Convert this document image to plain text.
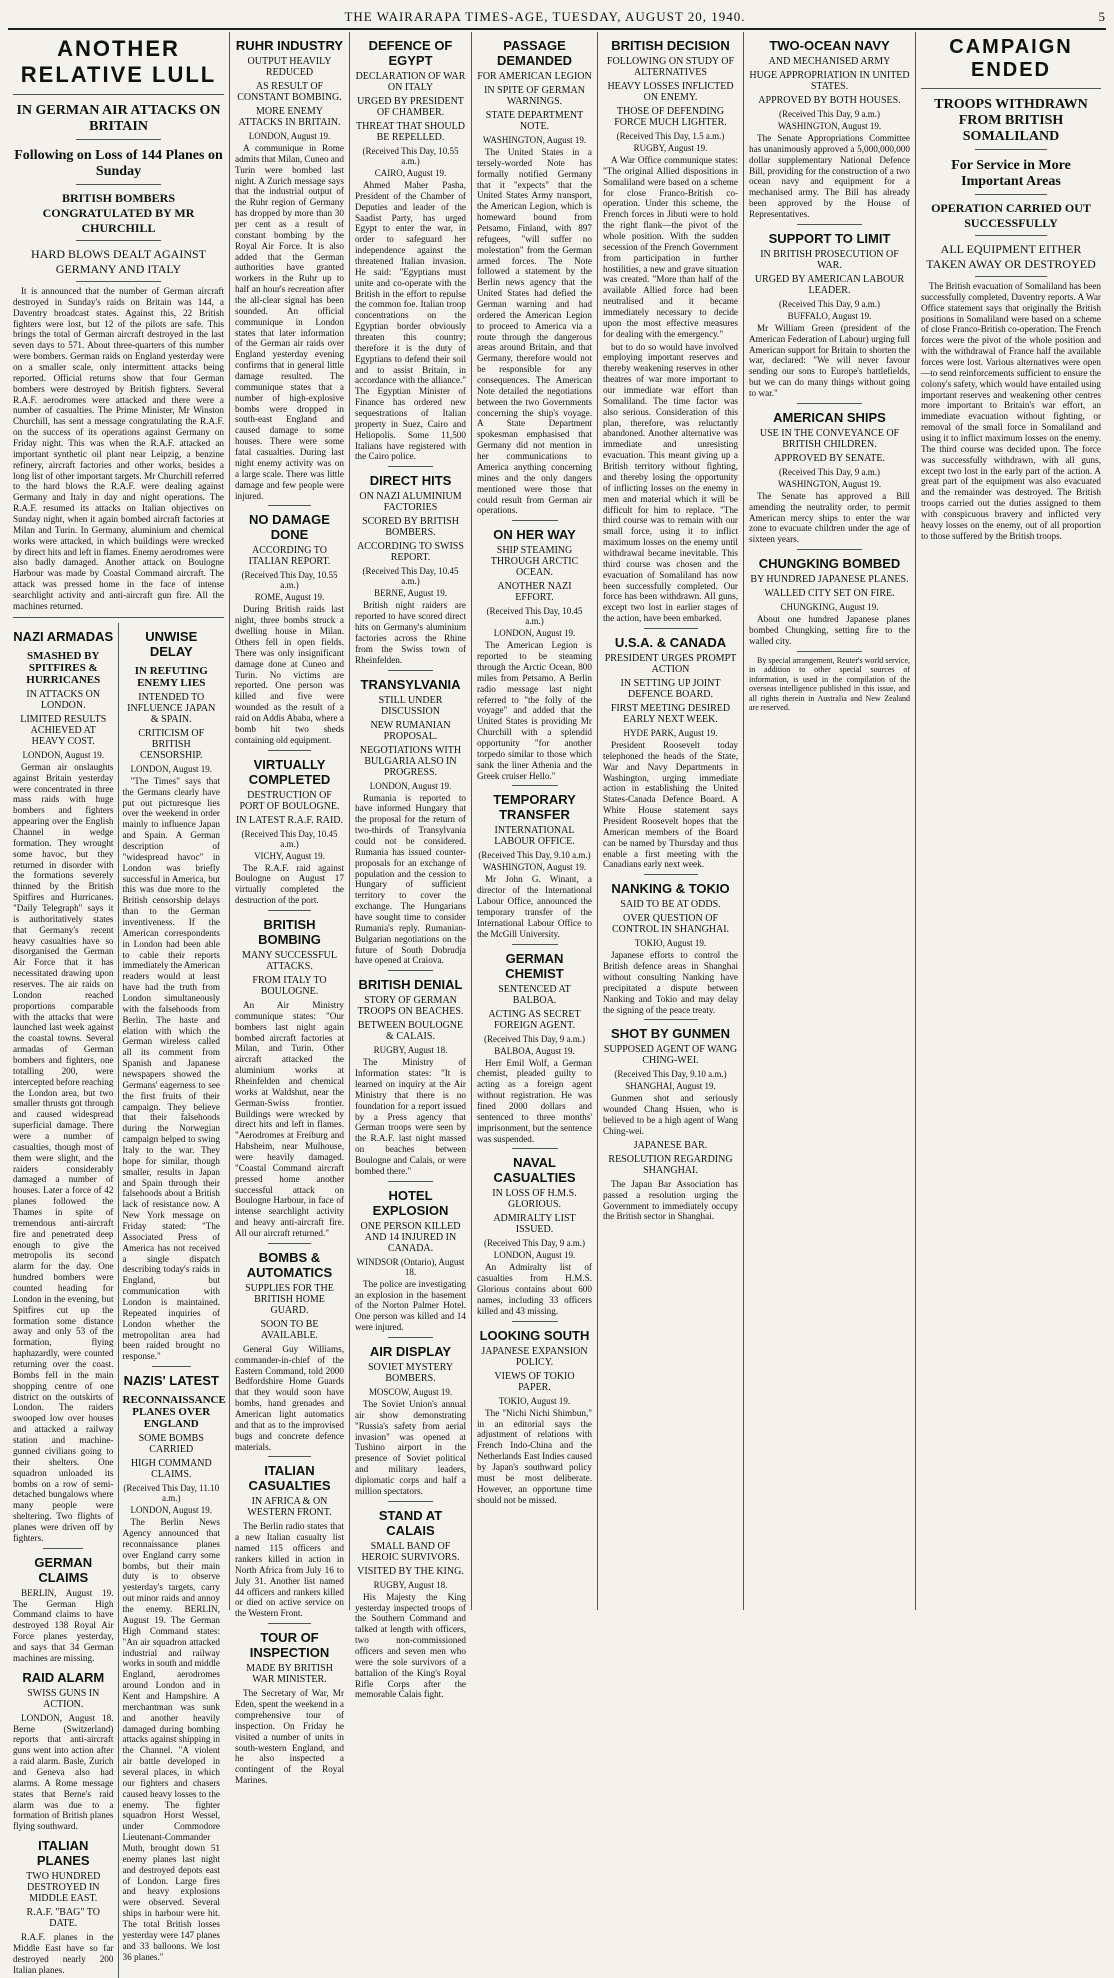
THE WAIRARAPA TIMES-AGE, TUESDAY, AUGUST 20, 1940.	5
ANOTHER RELATIVE LULL
IN GERMAN AIR ATTACKS ON BRITAIN
Following on Loss of 144 Planes on Sunday
BRITISH BOMBERS CONGRATULATED BY MR CHURCHILL
HARD BLOWS DEALT AGAINST GERMANY AND ITALY

It is announced that the number of German aircraft destroyed in Sunday's raids on Britain was 144, a Daventry broadcast states. Against this, 22 British fighters were lost, but 12 of the pilots are safe. This brings the total of German aircraft destroyed in the last seven days to 571. About three-quarters of this number were bombers. German raids on England yesterday were on a smaller scale, only intermittent attacks being reported. Official returns show that four German bombers were destroyed by British fighters. Several R.A.F. aerodromes were attacked and there were a number of casualties. The Prime Minister, Mr Winston Churchill, has sent a message congratulating the R.A.F. on the success of its operations against Germany on Friday night. This was when the R.A.F. attacked an important synthetic oil plant near Leipzig, a benzine refinery, aircraft factories and other works, besides a long list of other important targets. Mr Churchill referred to the hard blows the R.A.F. were dealing against Germany and Italy in day and night operations. The R.A.F. resumed its attacks on Italian objectives on Sunday night, when it again bombed aircraft factories at Milan and Turin. In Germany, aluminium and chemical works were attacked, in which buildings were wrecked by direct hits and left in flames. Enemy aerodromes were also badly damaged. Another attack on Boulogne Harbour was made by Coastal Command aircraft. The attack was pressed home in the face of intense searchlight activity and anti-aircraft gun fire. All the machines returned.

NAZI ARMADAS
SMASHED BY SPITFIRES & HURRICANES
IN ATTACKS ON LONDON.
LIMITED RESULTS ACHIEVED AT HEAVY COST.
LONDON, August 19.

German air onslaughts against Britain yesterday were concentrated in three mass raids with huge bombers and fighters appearing over the English Channel in wedge formation. They wrought some havoc, but they returned in disorder with the formations severely thinned by the British Spitfires and Hurricanes. "Daily Telegraph" says it is authoritatively states that Germany's recent heavy casualties have so disorganised the German Air Force that it has necessitated drawing upon reserves. The air raids on London reached proportions comparable with the attacks that were launched last week against the coastal towns. Several armadas of German bombers and fighters, one totalling 200, were intercepted before reaching the London area, but two smaller thrusts got through and caused widespread superficial damage. There were a number of casualties, though most of them were slight, and the raiders considerably damaged a number of houses. Later a force of 42 planes followed the Thames in spite of tremendous anti-aircraft fire and penetrated deep enough to give the metropolis its second alarm for the day. One hundred bombers were counted heading for London in the evening, but Spitfires cut up the formation some distance away and only 53 of the formation, flying haphazardly, were counted returning over the coast. Bombs fell in the main shopping centre of one district on the outskirts of London. The raiders swooped low over houses and attacked a railway station and machine-gunned civilians going to their shelters. One squadron unloaded its bombs on a row of semi-detached bungalows where many people were sheltering. Two flights of planes were driven off by fighters.

GERMAN CLAIMS

BERLIN, August 19. The German High Command claims to have destroyed 138 Royal Air Force planes yesterday, and says that 34 German machines are missing.

RAID ALARM
SWISS GUNS IN ACTION.

LONDON, August 18. Berne (Switzerland) reports that anti-aircraft guns went into action after a raid alarm. Basle, Zurich and Geneva also had alarms. A Rome message states that Berne's raid alarm was due to a formation of British planes flying southward.

ITALIAN PLANES
TWO HUNDRED DESTROYED IN MIDDLE EAST.
R.A.F. "BAG" TO DATE.

R.A.F. planes in the Middle East have so far destroyed nearly 200 Italian planes.

UNWISE DELAY
IN REFUTING ENEMY LIES
INTENDED TO INFLUENCE JAPAN & SPAIN.
CRITICISM OF BRITISH CENSORSHIP.
LONDON, August 19.

"The Times" says that the Germans clearly have put out picturesque lies over the weekend in order mainly to influence Japan and Spain. A German description of "widespread havoc" in London was briefly successful in America, but this was due more to the British censorship delays than to the German inventiveness. If the American correspondents in London had been able to cable their reports immediately the American readers would at least have had the truth from London simultaneously with the falsehoods from Berlin. The haste and elation with which the German wireless called all its comment from Spanish and Japanese newspapers showed the Germans' eagerness to see the first fruits of their campaign. They believe that their falsehoods during the Norwegian campaign helped to swing Italy to the war. They hope for similar, though smaller, results in Japan and Spain through their falsehoods about a British lack of resistance now. A New York message on Friday stated: "The Associated Press of America has not received a single dispatch describing today's raids in England, but communication with London is maintained. Repeated inquiries of London whether the metropolitan area had been raided brought no response."

NAZIS' LATEST
RECONNAISSANCE PLANES OVER ENGLAND
SOME BOMBS CARRIED
HIGH COMMAND CLAIMS.
(Received This Day, 11.10 a.m.)
LONDON, August 19.

The Berlin News Agency announced that reconnaissance planes over England carry some bombs, but their main duty is to observe yesterday's targets, carry out minor raids and annoy the enemy. BERLIN, August 19. The German High Command states: "An air squadron attacked industrial and railway works in south and middle England, aerodromes around London and in Kent and Hampshire. A merchantman was sunk and another heavily damaged during bombing attacks against shipping in the Channel. "A violent air battle developed in several places, in which our fighters and chasers caused heavy losses to the enemy. The fighter squadron Horst Wessel, under Commodore Lieutenant-Commander Muth, brought down 51 enemy planes last night and destroyed depots east of London. Large fires and heavy explosions were observed. Several ships in harbour were hit. The total British losses yesterday were 147 planes and 33 balloons. We lost 36 planes."

RUHR INDUSTRY
OUTPUT HEAVILY REDUCED
AS RESULT OF CONSTANT BOMBING.
MORE ENEMY ATTACKS IN BRITAIN.
LONDON, August 19.

A communique in Rome admits that Milan, Cuneo and Turin were bombed last night. A Zurich message says that the industrial output of the Ruhr region of Germany has dropped by more than 30 per cent as a result of constant bombing by the Royal Air Force. It is also added that the German authorities have granted workers in the Ruhr up to half an hour's recreation after the all-clear signal has been sounded. An official communique in London states that later information of the German air raids over England yesterday evening confirms that in general little damage resulted. The communique states that a number of high-explosive bombs were dropped in south-east England and caused damage to some houses. There were some fatal casualties. During last night enemy activity was on a large scale. There was little damage and few people were injured.

NO DAMAGE DONE
ACCORDING TO ITALIAN REPORT.
(Received This Day, 10.55 a.m.)
ROME, August 19.

During British raids last night, three bombs struck a dwelling house in Milan. Others fell in open fields. There was only insignificant damage done at Cuneo and Turin. No victims are reported. One person was killed and five were wounded as the result of a raid on Addis Ababa, where a bomb hit two sheds containing old equipment.

VIRTUALLY COMPLETED
DESTRUCTION OF PORT OF BOULOGNE.
IN LATEST R.A.F. RAID.
(Received This Day, 10.45 a.m.)
VICHY, August 19.

The R.A.F. raid against Boulogne on August 17 virtually completed the destruction of the port.

BRITISH BOMBING
MANY SUCCESSFUL ATTACKS.
FROM ITALY TO BOULOGNE.

An Air Ministry communique states: "Our bombers last night again bombed aircraft factories at Milan, and Turin. Other aircraft attacked the aluminium works at Rheinfelden and chemical works at Waldshut, near the German-Swiss frontier. Buildings were wrecked by direct hits and left in flames. "Aerodromes at Freiburg and Habsheim, near Mulhouse, were heavily damaged. "Coastal Command aircraft pressed home another successful attack on Boulogne Harbour, in face of intense searchlight activity and heavy anti-aircraft fire. All our aircraft returned."

BOMBS & AUTOMATICS
SUPPLIES FOR THE BRITISH HOME GUARD.
SOON TO BE AVAILABLE.

General Guy Williams, commander-in-chief of the Eastern Command, told 2000 Bedfordshire Home Guards that they would soon have bombs, hand grenades and American light automatics and that as to the improvised bugs and concrete defence materials.

ITALIAN CASUALTIES
IN AFRICA & ON WESTERN FRONT.

The Berlin radio states that a new Italian casualty list named 115 officers and rankers killed in action in North Africa from July 16 to July 31. Another list named 44 officers and rankers killed or died on active service on the Western Front.

TOUR OF INSPECTION
MADE BY BRITISH WAR MINISTER.

The Secretary of War, Mr Eden, spent the weekend in a comprehensive tour of inspection. On Friday he visited a number of units in south-western England, and he also inspected a contingent of the Royal Marines.

DEFENCE OF EGYPT
DECLARATION OF WAR ON ITALY
URGED BY PRESIDENT OF CHAMBER.
THREAT THAT SHOULD BE REPELLED.
(Received This Day, 10.55 a.m.)
CAIRO, August 19.

Ahmed Maher Pasha, President of the Chamber of Deputies and leader of the Saadist Party, has urged Egypt to enter the war, in order to safeguard her independence against the threatened Italian invasion. He said: "Egyptians must unite and co-operate with the British in the effort to repulse the common foe. Italian troop concentrations on the Egyptian border obviously threaten this country; therefore it is the duty of Egyptians to defend their soil and to assist Britain, in accordance with the alliance." The Egyptian Minister of Finance has ordered new sequestrations of Italian property in Suez, Cairo and Heliopolis. Some 11,500 Italians have registered with the Cairo police.

DIRECT HITS
ON NAZI ALUMINIUM FACTORIES
SCORED BY BRITISH BOMBERS.
ACCORDING TO SWISS REPORT.
(Received This Day, 10.45 a.m.)
BERNE, August 19.

British night raiders are reported to have scored direct hits on Germany's aluminium factories across the Rhine from the Swiss town of Rheinfelden.

TRANSYLVANIA
STILL UNDER DISCUSSION
NEW RUMANIAN PROPOSAL.
NEGOTIATIONS WITH BULGARIA ALSO IN PROGRESS.
LONDON, August 19.

Rumania is reported to have informed Hungary that the proposal for the return of two-thirds of Transylvania could not be considered. Rumania has issued counter-proposals for an exchange of population and the cession to Hungary of sufficient territory to cover the exchange. The Hungarians have sought time to consider Rumania's reply. Rumanian-Bulgarian negotiations on the future of South Dobrudja have opened at Craiova.

BRITISH DENIAL
STORY OF GERMAN TROOPS ON BEACHES.
BETWEEN BOULOGNE & CALAIS.
RUGBY, August 18.

The Ministry of Information states: "It is learned on inquiry at the Air Ministry that there is no foundation for a report issued by a Press agency that German troops were seen by the R.A.F. last night massed on beaches between Boulogne and Calais, or were bombed there."

HOTEL EXPLOSION
ONE PERSON KILLED AND 14 INJURED IN CANADA.
WINDSOR (Ontario), August 18.

The police are investigating an explosion in the basement of the Norton Palmer Hotel. One person was killed and 14 were injured.

AIR DISPLAY
SOVIET MYSTERY BOMBERS.
MOSCOW, August 19.

The Soviet Union's annual air show demonstrating "Russia's safety from aerial invasion" was opened at Tushino airport in the presence of Soviet political and military leaders, diplomatic corps and half a million spectators.

STAND AT CALAIS
SMALL BAND OF HEROIC SURVIVORS.
VISITED BY THE KING.
RUGBY, August 18.

His Majesty the King yesterday inspected troops of the Southern Command and talked at length with officers, two non-commissioned officers and seven men who were the sole survivors of a battalion of the King's Royal Rifle Corps after the memorable Calais fight.

PASSAGE DEMANDED
FOR AMERICAN LEGION
IN SPITE OF GERMAN WARNINGS.
STATE DEPARTMENT NOTE.
WASHINGTON, August 19.

The United States in a tersely-worded Note has formally notified Germany that it "expects" that the United States Army transport, the American Legion, which is homeward bound from Petsamo, Finland, with 897 refugees, "will suffer no molestation" from the German armed forces. The Note followed a statement by the Berlin news agency that the United States had defied the German warning and had ordered the American Legion to proceed to America via a route through the dangerous areas around Britain, and that Germany, therefore would not be responsible for any consequences. The American Note detailed the negotiations between the two Governments concerning the ship's voyage. A State Department spokesman emphasised that Germany did not mention in her communications to America anything concerning mines and the only dangers mentioned were those that could result from German air operations.

ON HER WAY
SHIP STEAMING THROUGH ARCTIC OCEAN.
ANOTHER NAZI EFFORT.
(Received This Day, 10.45 a.m.)
LONDON, August 19.

The American Legion is reported to be steaming through the Arctic Ocean, 800 miles from Petsamo. A Berlin radio message last night referred to "the folly of the voyage" and added that the United States is providing Mr Churchill with a splendid opportunity "for another torpedo similar to those which sank the liner Athenia and the Greek cruiser Hello."

TEMPORARY TRANSFER
INTERNATIONAL LABOUR OFFICE.
(Received This Day, 9.10 a.m.)
WASHINGTON, August 19.

Mr John G. Winant, a director of the International Labour Office, announced the temporary transfer of the International Labour Office to the McGill University.

GERMAN CHEMIST
SENTENCED AT BALBOA.
ACTING AS SECRET FOREIGN AGENT.
(Received This Day, 9 a.m.)
BALBOA, August 19.

Herr Emil Wolf, a German chemist, pleaded guilty to acting as a foreign agent without registration. He was fined 2000 dollars and sentenced to three months' imprisonment, but the sentence was suspended.

NAVAL CASUALTIES
IN LOSS OF H.M.S. GLORIOUS.
ADMIRALTY LIST ISSUED.
(Received This Day, 9 a.m.)
LONDON, August 19.

An Admiralty list of casualties from H.M.S. Glorious contains about 600 names, including 33 officers killed and 43 missing.

LOOKING SOUTH
JAPANESE EXPANSION POLICY.
VIEWS OF TOKIO PAPER.
TOKIO, August 19.

The "Nichi Nichi Shimbun," in an editorial says the adjustment of relations with French Indo-China and the Netherlands East Indies caused by Japan's southward policy must be most deliberate. However, an opportune time should not be missed.

BRITISH DECISION
FOLLOWING ON STUDY OF ALTERNATIVES
HEAVY LOSSES INFLICTED ON ENEMY.
THOSE OF DEFENDING FORCE MUCH LIGHTER.
(Received This Day, 1.5 a.m.)
RUGBY, August 19.

A War Office communique states: "The original Allied dispositions in Somaliland were based on a scheme for close Franco-British co-operation. Under this scheme, the French forces in Jibuti were to hold the right flank—the pivot of the whole position. With the sudden secession of the French Government from participation in further hostilities, a new and grave situation was created. "More than half of the available Allied force had been neutralised and it became immediately necessary to decide upon the most effective measures for dealing with the emergency."

but to do so would have involved employing important reserves and thereby weakening reserves in other theatres of war more important to our immediate war effort than Somaliland. The time factor was also serious. Consideration of this plan, therefore, was reluctantly abandoned. Another alternative was immediate and unresisting evacuation. This meant giving up a British territory without fighting, and thereby losing the opportunity of inflicting losses on the enemy in men and material which it will be difficult for him to replace. "The third course was to remain with our small force, using it to inflict maximum losses on the enemy until withdrawal became inevitable. This third course was chosen and the evacuation of Somaliland has now been successfully completed. Our force has been withdrawn. All guns, except two lost in earlier stages of the action, have been embarked.

U.S.A. & CANADA
PRESIDENT URGES PROMPT ACTION
IN SETTING UP JOINT DEFENCE BOARD.
FIRST MEETING DESIRED EARLY NEXT WEEK.
HYDE PARK, August 19.

President Roosevelt today telephoned the heads of the State, War and Navy Departments in Washington, urging immediate action in establishing the United States-Canada Defence Board. A White House statement says President Roosevelt hopes that the American members of the Board can be named by Thursday and thus enable a first meeting with the Canadians early next week.

NANKING & TOKIO
SAID TO BE AT ODDS.
OVER QUESTION OF CONTROL IN SHANGHAI.
TOKIO, August 19.

Japanese efforts to control the British defence areas in Shanghai without consulting Nanking have precipitated a dispute between Nanking and Tokio and may delay the signing of the peace treaty.

SHOT BY GUNMEN
SUPPOSED AGENT OF WANG CHING-WEI.
(Received This Day, 9.10 a.m.)
SHANGHAI, August 19.

Gunmen shot and seriously wounded Chang Hsuen, who is believed to be a high agent of Wang Ching-wei.

JAPANESE BAR.
RESOLUTION REGARDING SHANGHAI.

The Japan Bar Association has passed a resolution urging the Government to immediately occupy the British sector in Shanghai.

TWO-OCEAN NAVY
AND MECHANISED ARMY
HUGE APPROPRIATION IN UNITED STATES.
APPROVED BY BOTH HOUSES.
(Received This Day, 9 a.m.)
WASHINGTON, August 19.

The Senate Appropriations Committee has unanimously approved a 5,000,000,000 dollar supplementary National Defence Bill, providing for the construction of a two ocean navy and equipment for a mechanised army. The Bill has already been approved by the House of Representatives.

SUPPORT TO LIMIT
IN BRITISH PROSECUTION OF WAR.
URGED BY AMERICAN LABOUR LEADER.
(Received This Day, 9 a.m.)
BUFFALO, August 19.

Mr William Green (president of the American Federation of Labour) urging full American support for Britain to shorten the war, declared: "We will never favour sending our sons to Europe's battlefields, but we can do many things without going to war."

AMERICAN SHIPS
USE IN THE CONVEYANCE OF BRITISH CHILDREN.
APPROVED BY SENATE.
(Received This Day, 9 a.m.)
WASHINGTON, August 19.

The Senate has approved a Bill amending the neutrality order, to permit American mercy ships to enter the war zone to evacuate children under the age of sixteen years.

CHUNGKING BOMBED
BY HUNDRED JAPANESE PLANES.
WALLED CITY SET ON FIRE.
CHUNGKING, August 19.

About one hundred Japanese planes bombed Chungking, setting fire to the walled city.

By special arrangement, Reuter's world service, in addition to other special sources of information, is used in the compilation of the overseas intelligence published in this issue, and all rights therein in Australia and New Zealand are reserved.

CAMPAIGN ENDED
TROOPS WITHDRAWN FROM BRITISH SOMALILAND
For Service in More Important Areas
OPERATION CARRIED OUT SUCCESSFULLY
ALL EQUIPMENT EITHER TAKEN AWAY OR DESTROYED

The British evacuation of Somaliland has been successfully completed, Daventry reports. A War Office statement says that originally the British positions in Somaliland were based on a scheme of close Franco-British co-operation. The French forces were the pivot of the whole position and with the withdrawal of France half the available forces were lost. Various alternatives were open—to send reinforcements sufficient to ensure the colony's safety, which would have entailed using important reserves and weakening other centres more important to Britain's war effort, an immediate evacuation without fighting, or removal of the small force in Somaliland and using it to inflict maximum losses on the enemy. The third course was decided upon. The force was successfully withdrawn, with all guns, except two lost in the early part of the action. A great part of the equipment was also evacuated and the remainder was destroyed. The British troops carried out the duties assigned to them with conspicuous bravery and inflicted very heavy losses on the enemy, out of all proportion to those suffered by the British troops.
